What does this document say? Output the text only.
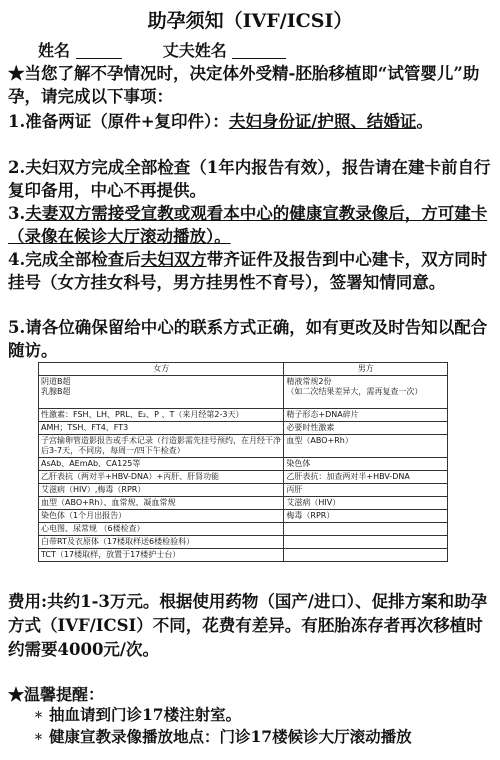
助孕须知（IVF/ICSI）
姓名	丈夫姓名
★当您了解不孕情况时，决定体外受精-胚胎移植即“试管婴儿”助孕，请完成以下事项：
1.准备两证（原件+复印件）：夫妇身份证/护照、结婚证。
2.夫妇双方完成全部检查（1年内报告有效），报告请在建卡前自行复印备用，中心不再提供。
3.夫妻双方需接受宣教或观看本中心的健康宣教录像后，方可建卡（录像在候诊大厅滚动播放）。
4.完成全部检查后夫妇双方带齐证件及报告到中心建卡，双方同时挂号（女方挂女科号，男方挂男性不育号），签署知情同意。
5.请各位确保留给中心的联系方式正确，如有更改及时告知以配合随访。
女方	男方
阴道B超
乳腺B超	精液常规2份
（如二次结果差异大，需再复查一次）
性激素：FSH、LH、PRL、E₂、P 、T（来月经第2-3天）	精子形态+DNA碎片
AMH；TSH、FT4、FT3	必要时性激素
子宫输卵管造影报告或手术记录（行造影需先挂号预约，在月经干净后3-7天，不同房，每周一/四下午检查）	血型（ABO+Rh）
AsAb、AEmAb、CA125等	染色体
乙肝表抗（两对半+HBV-DNA）+丙肝、肝肾功能	乙肝表抗：加查两对半+HBV-DNA
艾滋病（HIV）,梅毒（RPR）	丙肝
血型（ABO+Rh）、血常规、凝血常规	艾滋病（HIV）
染色体（1个月出报告）	梅毒（RPR）
心电图、尿常规 （6楼检查）	
白带RT及衣原体（17楼取样送6楼检验科）	
TCT（17楼取样，放置于17楼护士台）	
费用:共约1-3万元。根据使用药物（国产/进口）、促排方案和助孕方式（IVF/ICSI）不同，花费有差异。有胚胎冻存者再次移植时约需要4000元/次。
★温馨提醒：
＊ 抽血请到门诊17楼注射室。
＊ 健康宣教录像播放地点：门诊17楼候诊大厅滚动播放
